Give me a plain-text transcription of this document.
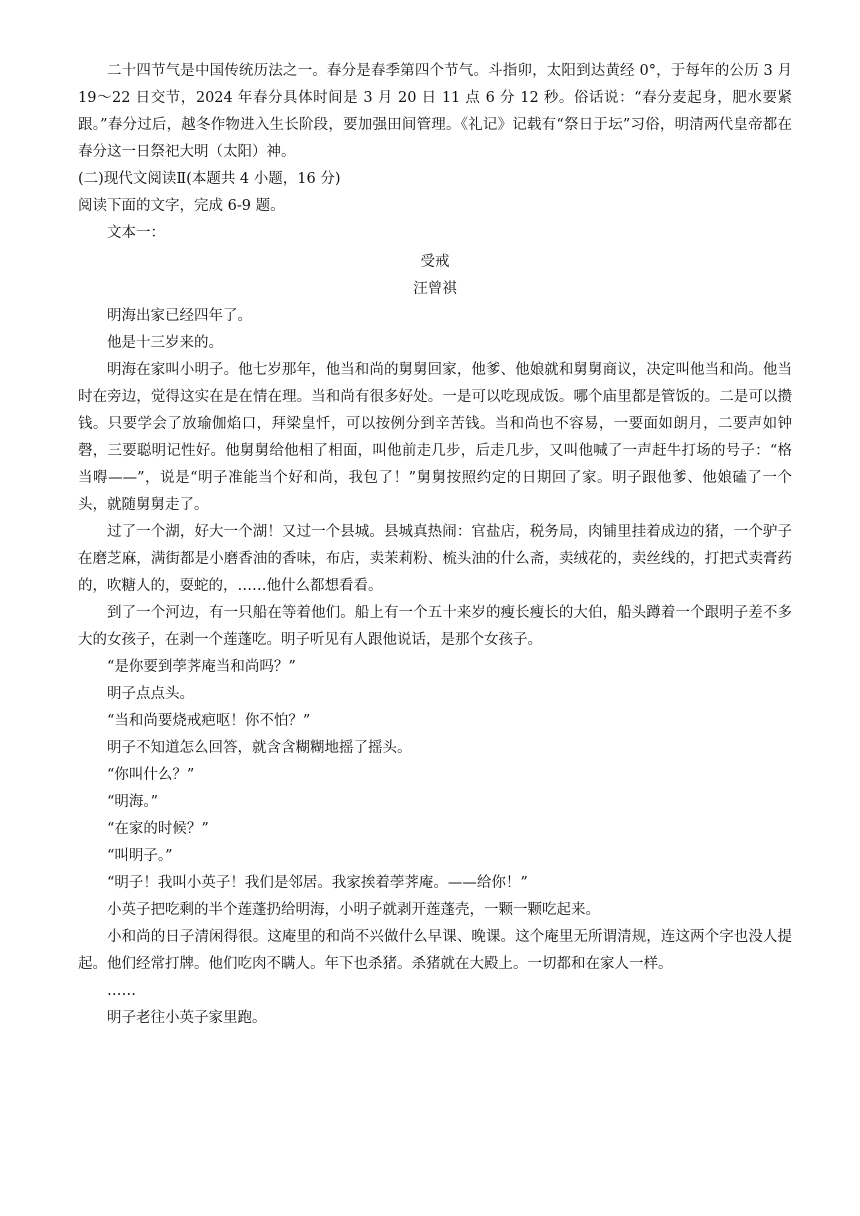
二十四节气是中国传统历法之一。春分是春季第四个节气。斗指卯，太阳到达黄经 0°，于每年的公历 3 月 19～22 日交节，2024 年春分具体时间是 3 月 20 日 11 点 6 分 12 秒。俗话说：“春分麦起身，肥水要紧跟。”春分过后，越冬作物进入生长阶段，要加强田间管理。《礼记》记载有“祭日于坛”习俗，明清两代皇帝都在春分这一日祭祀大明（太阳）神。

(二)现代文阅读Ⅱ(本题共 4 小题，16 分)

阅读下面的文字，完成 6-9 题。

文本一：

受戒

汪曾祺

明海出家已经四年了。

他是十三岁来的。

明海在家叫小明子。他七岁那年，他当和尚的舅舅回家，他爹、他娘就和舅舅商议，决定叫他当和尚。他当时在旁边，觉得这实在是在情在理。当和尚有很多好处。一是可以吃现成饭。哪个庙里都是管饭的。二是可以攒钱。只要学会了放瑜伽焰口，拜梁皇忏，可以按例分到辛苦钱。当和尚也不容易，一要面如朗月，二要声如钟磬，三要聪明记性好。他舅舅给他相了相面，叫他前走几步，后走几步，又叫他喊了一声赶牛打场的号子：“格当嘚——”，说是“明子准能当个好和尚，我包了！”舅舅按照约定的日期回了家。明子跟他爹、他娘磕了一个头，就随舅舅走了。

过了一个湖，好大一个湖！又过一个县城。县城真热闹：官盐店，税务局，肉铺里挂着成边的猪，一个驴子在磨芝麻，满街都是小磨香油的香味，布店，卖茉莉粉、梳头油的什么斋，卖绒花的，卖丝线的，打把式卖膏药的，吹糖人的，耍蛇的，……他什么都想看看。

到了一个河边，有一只船在等着他们。船上有一个五十来岁的瘦长瘦长的大伯，船头蹲着一个跟明子差不多大的女孩子，在剥一个莲蓬吃。明子听见有人跟他说话，是那个女孩子。

“是你要到荸荠庵当和尚吗？”

明子点点头。

“当和尚要烧戒疤呕！你不怕？”

明子不知道怎么回答，就含含糊糊地摇了摇头。

“你叫什么？”

“明海。”

“在家的时候？”

“叫明子。”

“明子！我叫小英子！我们是邻居。我家挨着荸荠庵。——给你！”

小英子把吃剩的半个莲蓬扔给明海，小明子就剥开莲蓬壳，一颗一颗吃起来。

小和尚的日子清闲得很。这庵里的和尚不兴做什么早课、晚课。这个庵里无所谓清规，连这两个字也没人提起。他们经常打牌。他们吃肉不瞒人。年下也杀猪。杀猪就在大殿上。一切都和在家人一样。

……

明子老往小英子家里跑。
